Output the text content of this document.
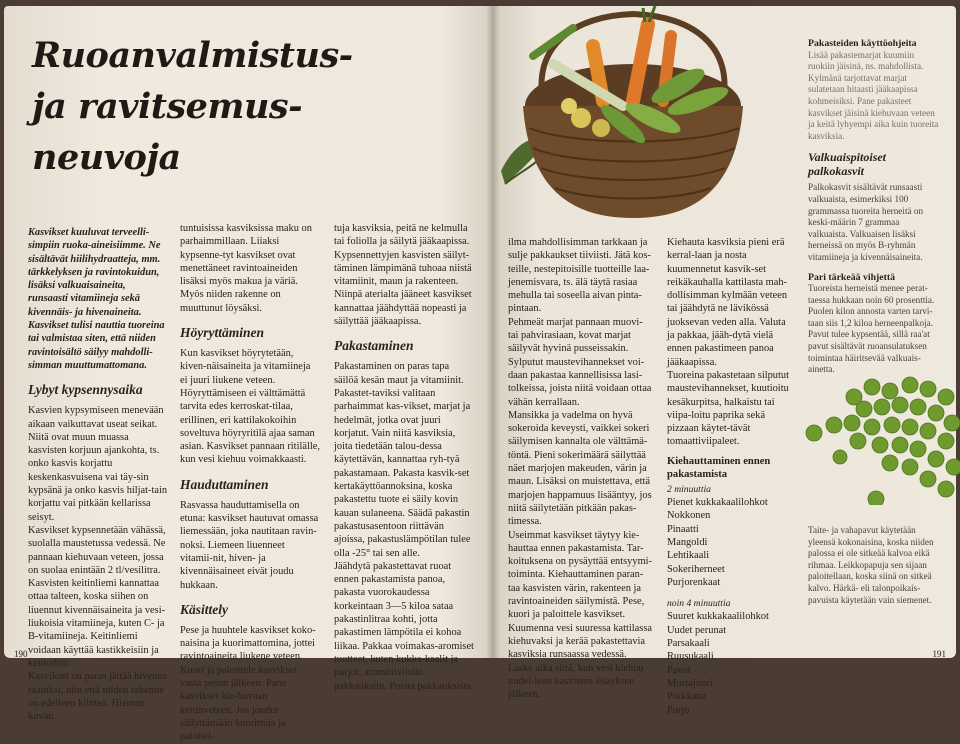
Ruoanvalmistus-
ja ravitsemus-
neuvoja

Kasvikset kuuluvat terveelli-simpiin ruoka-aineisiimme. Ne sisältävät hiilihydraatteja, mm. tärkkelyksen ja ravintokuidun, lisäksi valkuaisaineita, runsaasti vitamiineja sekä kivennäis- ja hivenaineita.

Kasvikset tulisi nauttia tuoreina tai valmistaa siten, että niiden ravintoisältö säilyy mahdolli-simman muuttumattomana.

Lybyt kypsennysaika

Kasvien kypsymiseen menevään aikaan vaikuttavat useat seikat. Niitä ovat muun muassa kasvisten korjuun ajankohta, ts. onko kasvis korjattu keskenkasvuisena vai täy-sin kypsänä ja onko kasvis hiljat-tain korjattu vai pitkään kellarissa seisyt.

Kasvikset kypsennetään vähässä, suolalla maustetussa vedessä. Ne pannaan kiehuvaan veteen, jossa on suolaa enintään 2 tl/vesilitra. Kasvisten keitinliemi kannattaa ottaa talteen, koska siihen on liuennut kivennäisaineita ja vesi-liukoisia vitamiineja, kuten C- ja B-vitamiineja. Keitinliemi voidaan käyttää kastikkeisiin ja keittoihin.

Kasvikset on paras jättää hivenen raaoiksi, niin että niiden rakenne on edelleen kiinteä. Hieman kovan

tuntuisissa kasviksissa maku on parhaimmillaan. Liiaksi kypsenne-tyt kasvikset ovat menettäneet ravintoaineiden lisäksi myös makua ja väriä. Myös niiden rakenne on muuttunut löysäksi.

Höyryttäminen

Kun kasvikset höyrytetään, kiven-näisaineita ja vitamiineja ei juuri liukene veteen. Höyryttämiseen ei välttämättä tarvita edes kerroskat-tilaa, erillinen, eri kattilakokoihin soveltuva höyryritilä ajaa saman asian. Kasvikset pannaan ritilälle, kun vesi kiehuu voimakkaasti.

Hauduttaminen

Rasvassa hauduttamisella on etuna: kasvikset hautuvat omassa liemessään, joka nautitaan ravin-noksi. Liemeen liuenneet vitamii-nit, hiven- ja kivennäisaineet eivät joudu hukkaan.

Käsittely

Pese ja huuhtele kasvikset koko-naisina ja kuorimattomina, jottei ravintoaineita liukene veteen. Kuori ja paloittele kasvikset vasta pesun jälkeen. Pane kasvikset kie-huvaan keitinveteen. Jos joudut säilyttämään kuorittuja ja paloitel-

tuja kasviksia, peitä ne kelmulla tai foliolla ja säilytä jääkaapissa. Kypsennettyjen kasvisten säilyt-täminen lämpimänä tuhoaa niistä vitamiinit, maun ja rakenteen. Niinpä aterialta jääneet kasvikset kannattaa jäähdyttää nopeasti ja säilyttää jääkaapissa.

Pakastaminen

Pakastaminen on paras tapa säilöä kesän maut ja vitamiinit. Pakastet-taviksi valitaan parhaimmat kas-vikset, marjat ja hedelmät, jotka ovat juuri korjatut. Vain niitä kasviksia, joita tiedetään talou-dessa käytettävän, kannattaa ryh-tyä pakastamaan. Pakasta kasvik-set kertakäyttöannoksina, koska pakastettu tuote ei säily kovin kauan sulaneena. Säädä pakastin pakastusasentoon riittävän ajoissa, pakastuslämpötilan tulee olla -25° tai sen alle.

Jäähdytä pakastettavat ruoat ennen pakastamista panoa, pakasta vuorokaudessa korkeintaan 3—5 kiloa sataa pakastinlitraa kohti, jotta pakastimen lämpötila ei kohoa liikaa. Pakkaa voimakas-aromiset tuotteet, kuten kukka-kaalit ja purjot, aromitiiviisiin pakkauksiin. Poista pakkauksista

190

ilma mahdollisimman tarkkaan ja sulje pakkaukset tiiviisti. Jätä kos-teille, nestepitoisille tuotteille laa-jenemisvara, ts. älä täytä rasiaa mehulla tai soseella aivan pinta-pintaan.

Pehmeät marjat pannaan muovi- tai pahvirasiaan, kovat marjat säilyvät hyvinä pusseissakin.

Sylputut maustevihannekset voi-daan pakastaa kannellisissa lasi-tolkeissa, joista niitä voidaan ottaa vähän kerrallaan.

Mansikka ja vadelma on hyvä sokeroida keveysti, vaikkei sokeri säilymisen kannalta ole välttämä-töntä. Pieni sokerimäärä säilyttää näet marjojen makeuden, värin ja maun. Lisäksi on muistettava, että marjojen happamuus lisääntyy, jos niitä säilytetään pitkään pakas-timessa.

Useimmat kasvikset täytyy kie-hauttaa ennen pakastamista. Tar-koituksena on pysäyttää entsyymi-toiminta. Kiehauttaminen paran-taa kasvisten värin, rakenteen ja ravintoaineiden säilymistä. Pese, kuori ja paloittele kasvikset. Kuumenna vesi suuressa kattilassa kiehuvaksi ja kerää pakastettavia kasviksia runsaassa vedessä. Laske aika siitä, kun vesi kiehuu uudel-leen kasvisten lisäyksen jälkeen.

Kiehauta kasviksia pieni erä kerral-laan ja nosta kuumennetut kasvik-set reikäkauhalla kattilasta mah-dollisimman kylmään veteen tai jäähdytä ne lävikössä juoksevan veden alla. Valuta ja pakkaa, jääh-dytä vielä ennen pakastimeen panoa jääkaapissa.

Tuoreina pakastetaan silputut maustevihannekset, kuutioitu kesäkurpitsa, halkaistu tai viipa-loitu paprika sekä pizzaan käytet-tävät tomaattiviipaleet.

Kiehauttaminen ennen pakastamista
2 minuuttia
Pienet kukkakaalilohkot
Nokkonen
Pinaatti
Mangoldi
Lehtikaali
Sokeriherneet
Purjorenkaat
noin 4 minuuttia
Suuret kukkakaalilohkot
Uudet perunat
Parsakaali
Ruusukaali
Pavut
Mustajuuri
Porkkana
Purjo
Pakasteiden käyttöohjeita

Lisää pakastemarjat kuumiin ruokiin jäisinä, ns. mahdollista. Kylmänä tarjottavat marjat sulatetaan hitaasti jääkaapissa kohmeisiksi. Pane pakasteet kasvikset jäisinä kiehuvaan veteen ja keitä lyhyempi aika kuin tuoreita kasviksia.

Valkuaispitoiset palkokasvit

Palkokasvit sisältävät runsaasti valkuaista, esimerkiksi 100 grammassa tuoreita herneitä on keski-määrin 7 grammaa valkuaista. Valkuaisen lisäksi herneissä on myös B-ryhmän vitamiineja ja kivennäisaineita.

Pari tärkeää vihjettä

Tuoreista herneistä menee perat-taessa hukkaan noin 60 prosenttia. Puolen kilon annosta varten tarvi-taan siis 1,2 kiloa herneenpalkoja. Pavut tulee kypsentää, sillä raa'at pavut sisältävät ruoansulatuksen toimintaa häiritsevää valkuais-ainetta.

Taite- ja vahapavut käytetään yleensä kokonaisina, koska niiden palossa ei ole sitkeää kalvoa eikä rihmaa. Leikkopapuja sen sijaan paloitellaan, koska siinä on sitkeä kalvo. Härkä- eli talonpoikais-pavuista käytetään vain siemenet.
191
